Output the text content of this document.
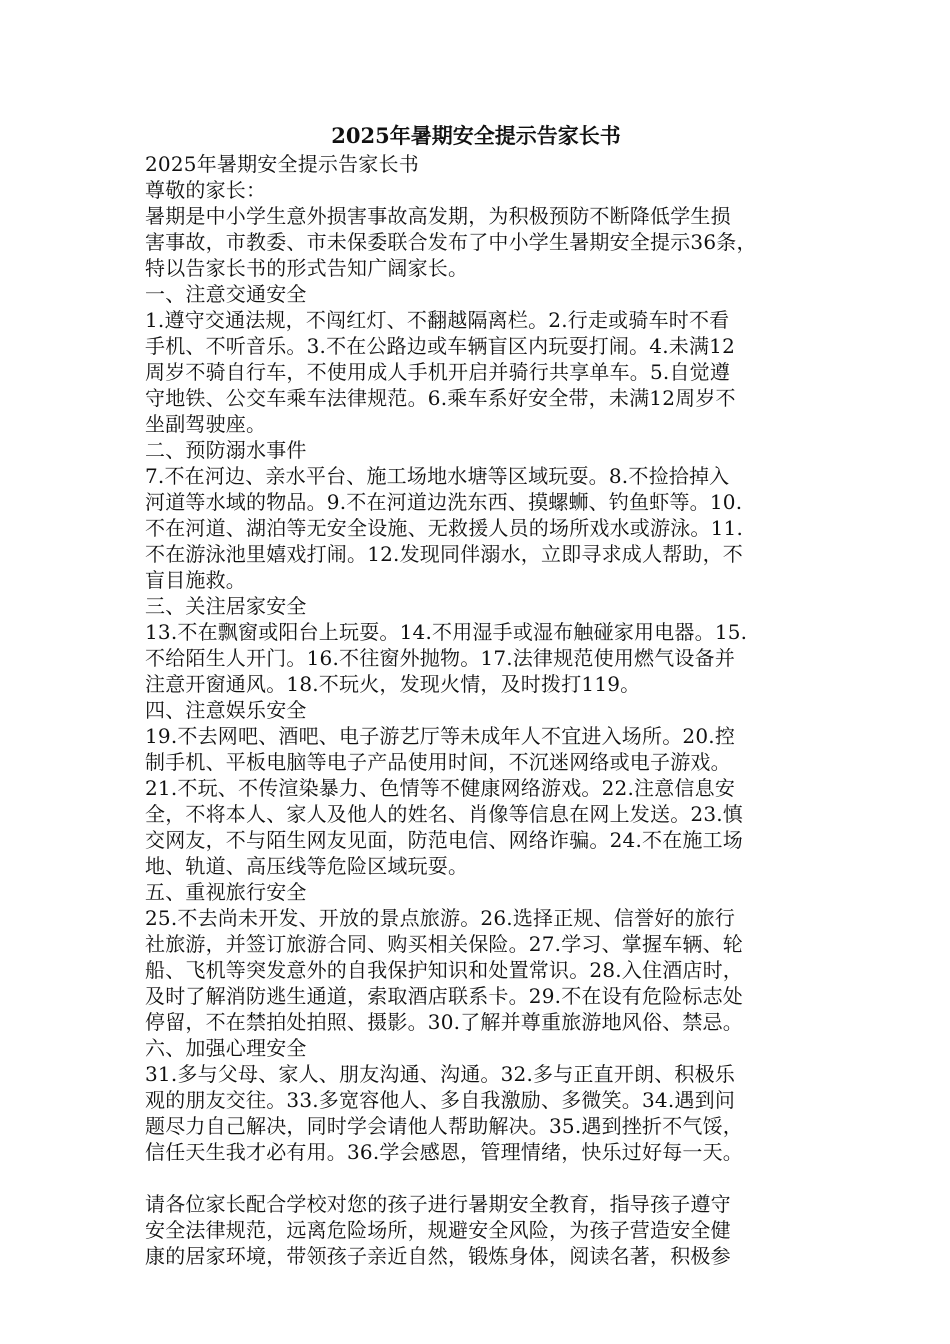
2025年暑期安全提示告家长书

2025年暑期安全提示告家长书

尊敬的家长：

暑期是中小学生意外损害事故高发期，为积极预防不断降低学生损

害事故，市教委、市未保委联合发布了中小学生暑期安全提示36条，

特以告家长书的形式告知广阔家长。

一、注意交通安全

1.遵守交通法规，不闯红灯、不翻越隔离栏。2.行走或骑车时不看

手机、不听音乐。3.不在公路边或车辆盲区内玩耍打闹。4.未满12

周岁不骑自行车，不使用成人手机开启并骑行共享单车。5.自觉遵

守地铁、公交车乘车法律规范。6.乘车系好安全带，未满12周岁不

坐副驾驶座。

二、预防溺水事件

7.不在河边、亲水平台、施工场地水塘等区域玩耍。8.不捡拾掉入

河道等水域的物品。9.不在河道边洗东西、摸螺蛳、钓鱼虾等。10.

不在河道、湖泊等无安全设施、无救援人员的场所戏水或游泳。11.

不在游泳池里嬉戏打闹。12.发现同伴溺水，立即寻求成人帮助，不

盲目施救。

三、关注居家安全

13.不在飘窗或阳台上玩耍。14.不用湿手或湿布触碰家用电器。15.

不给陌生人开门。16.不往窗外抛物。17.法律规范使用燃气设备并

注意开窗通风。18.不玩火，发现火情，及时拨打119。

四、注意娱乐安全

19.不去网吧、酒吧、电子游艺厅等未成年人不宜进入场所。20.控

制手机、平板电脑等电子产品使用时间，不沉迷网络或电子游戏。

21.不玩、不传渲染暴力、色情等不健康网络游戏。22.注意信息安

全，不将本人、家人及他人的姓名、肖像等信息在网上发送。23.慎

交网友，不与陌生网友见面，防范电信、网络诈骗。24.不在施工场

地、轨道、高压线等危险区域玩耍。

五、重视旅行安全

25.不去尚未开发、开放的景点旅游。26.选择正规、信誉好的旅行

社旅游，并签订旅游合同、购买相关保险。27.学习、掌握车辆、轮

船、飞机等突发意外的自我保护知识和处置常识。28.入住酒店时，

及时了解消防逃生通道，索取酒店联系卡。29.不在设有危险标志处

停留，不在禁拍处拍照、摄影。30.了解并尊重旅游地风俗、禁忌。

六、加强心理安全

31.多与父母、家人、朋友沟通、沟通。32.多与正直开朗、积极乐

观的朋友交往。33.多宽容他人、多自我激励、多微笑。34.遇到问

题尽力自己解决，同时学会请他人帮助解决。35.遇到挫折不气馁，

信任天生我才必有用。36.学会感恩，管理情绪，快乐过好每一天。

请各位家长配合学校对您的孩子进行暑期安全教育，指导孩子遵守

安全法律规范，远离危险场所，规避安全风险，为孩子营造安全健

康的居家环境，带领孩子亲近自然，锻炼身体，阅读名著，积极参
